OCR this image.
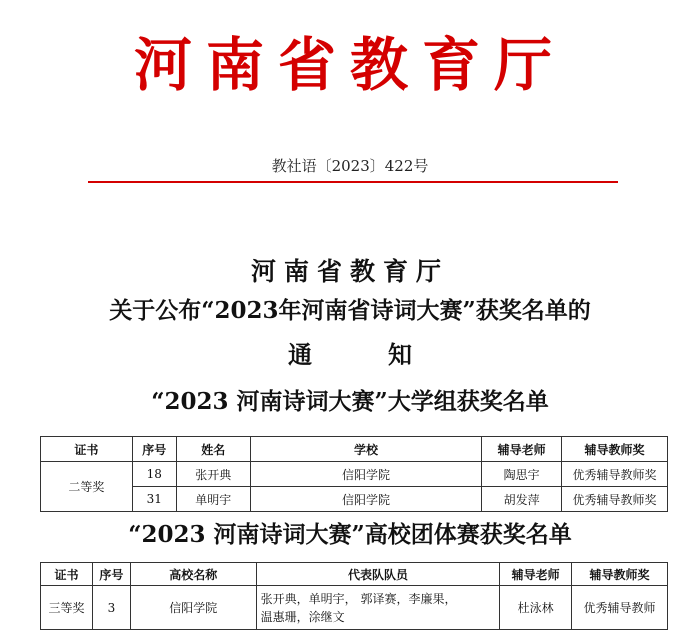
河南省教育厅
教社语〔2023〕422号
河南省教育厅
关于公布“2023年河南省诗词大赛”获奖名单的
通	知
“2023 河南诗词大赛”大学组获奖名单
证书	序号	姓名	学校	辅导老师	辅导教师奖
二等奖	18	张开典	信阳学院	陶思宇	优秀辅导教师奖
	31	单明宇	信阳学院	胡发萍	优秀辅导教师奖
“2023 河南诗词大赛”高校团体赛获奖名单
证书	序号	高校名称	代表队队员	辅导老师	辅导教师奖
三等奖	3	信阳学院	张开典，单明宇， 郭译赛，李廉果，
温惠珊，涂继文	杜泳林	优秀辅导教师
